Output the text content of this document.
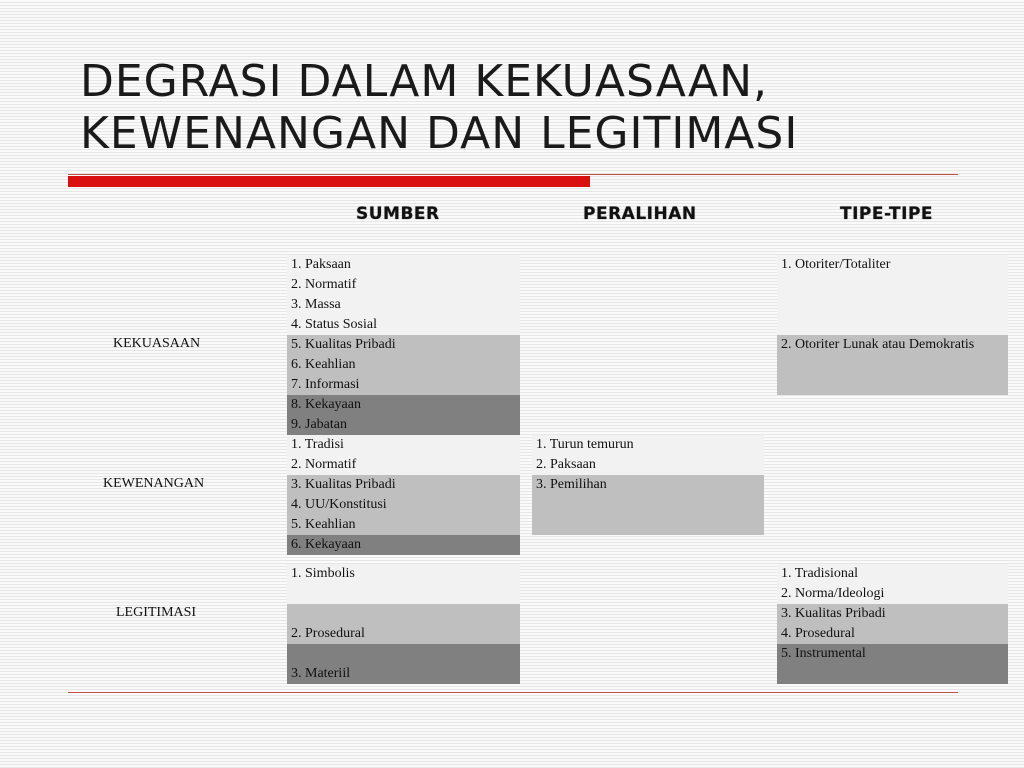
DEGRASI DALAM KEKUASAAN,
KEWENANGAN DAN LEGITIMASI
SUMBER	PERALIHAN	TIPE-TIPE
KEKUASAAN
KEWENANGAN
LEGITIMASI
1. Paksaan
2. Normatif
3. Massa
4. Status Sosial
5. Kualitas Pribadi
6. Keahlian
7. Informasi
8. Kekayaan
9. Jabatan
1. Otoriter/Totaliter
2. Otoriter Lunak atau Demokratis
1. Tradisi
2. Normatif
3. Kualitas Pribadi
4. UU/Konstitusi
5. Keahlian
6. Kekayaan
1. Turun temurun
2. Paksaan
3. Pemilihan
1. Simbolis
2. Prosedural
3. Materiil
1. Tradisional
2. Norma/Ideologi
3. Kualitas Pribadi
4. Prosedural
5. Instrumental
